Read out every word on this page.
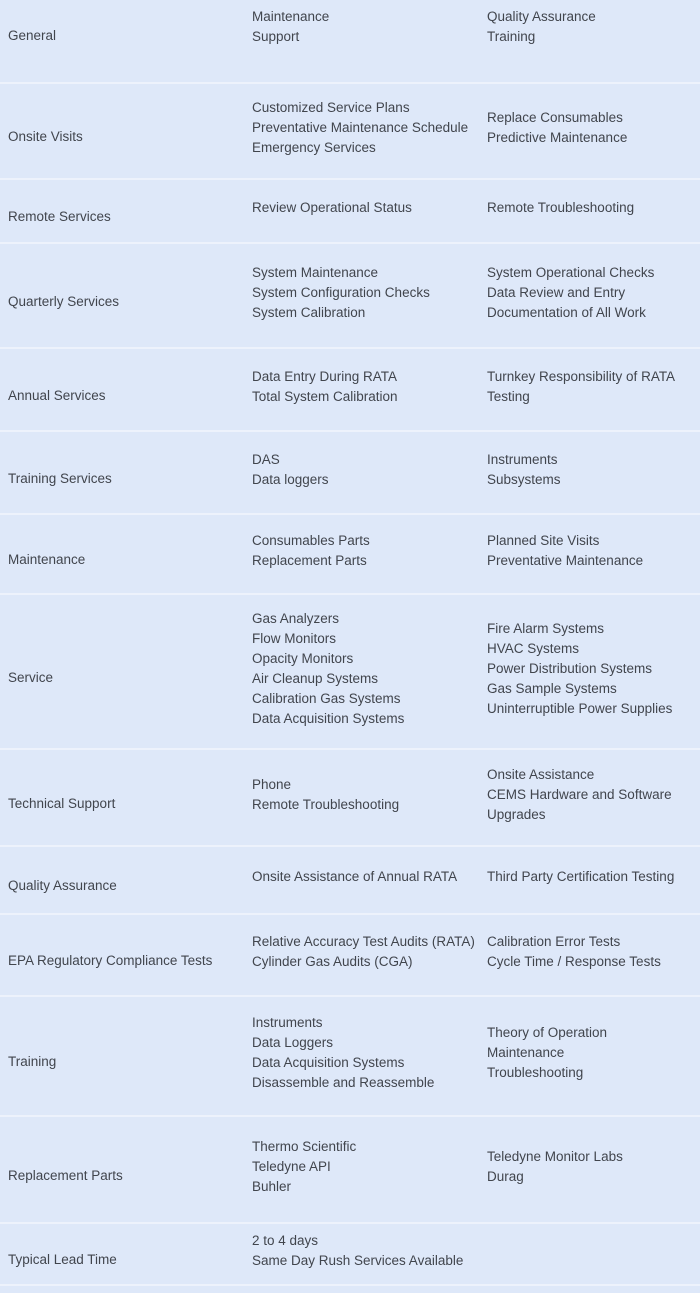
General
Maintenance
Support
Quality Assurance
Training
Onsite Visits
Customized Service Plans
Preventative Maintenance Schedule
Emergency Services
Replace Consumables
Predictive Maintenance
Remote Services
Review Operational Status	Remote Troubleshooting
Quarterly Services
System Maintenance
System Configuration Checks
System Calibration
System Operational Checks
Data Review and Entry
Documentation of All Work
Annual Services
Data Entry During RATA
Total System Calibration
Turnkey Responsibility of RATA Testing
Training Services
DAS
Data loggers
Instruments
Subsystems
Maintenance
Consumables Parts
Replacement Parts
Planned Site Visits
Preventative Maintenance
Service
Gas Analyzers
Flow Monitors
Opacity Monitors
Air Cleanup Systems
Calibration Gas Systems
Data Acquisition Systems
Fire Alarm Systems
HVAC Systems
Power Distribution Systems
Gas Sample Systems
Uninterruptible Power Supplies
Technical Support
Phone
Remote Troubleshooting
Onsite Assistance
CEMS Hardware and Software Upgrades
Quality Assurance
Onsite Assistance of Annual RATA	Third Party Certification Testing
EPA Regulatory Compliance Tests
Relative Accuracy Test Audits (RATA)
Cylinder Gas Audits (CGA)
Calibration Error Tests
Cycle Time / Response Tests
Training
Instruments
Data Loggers
Data Acquisition Systems
Disassemble and Reassemble
Theory of Operation
Maintenance
Troubleshooting
Replacement Parts
Thermo Scientific
Teledyne API
Buhler
Teledyne Monitor Labs
Durag
Typical Lead Time
2 to 4 days
Same Day Rush Services Available
